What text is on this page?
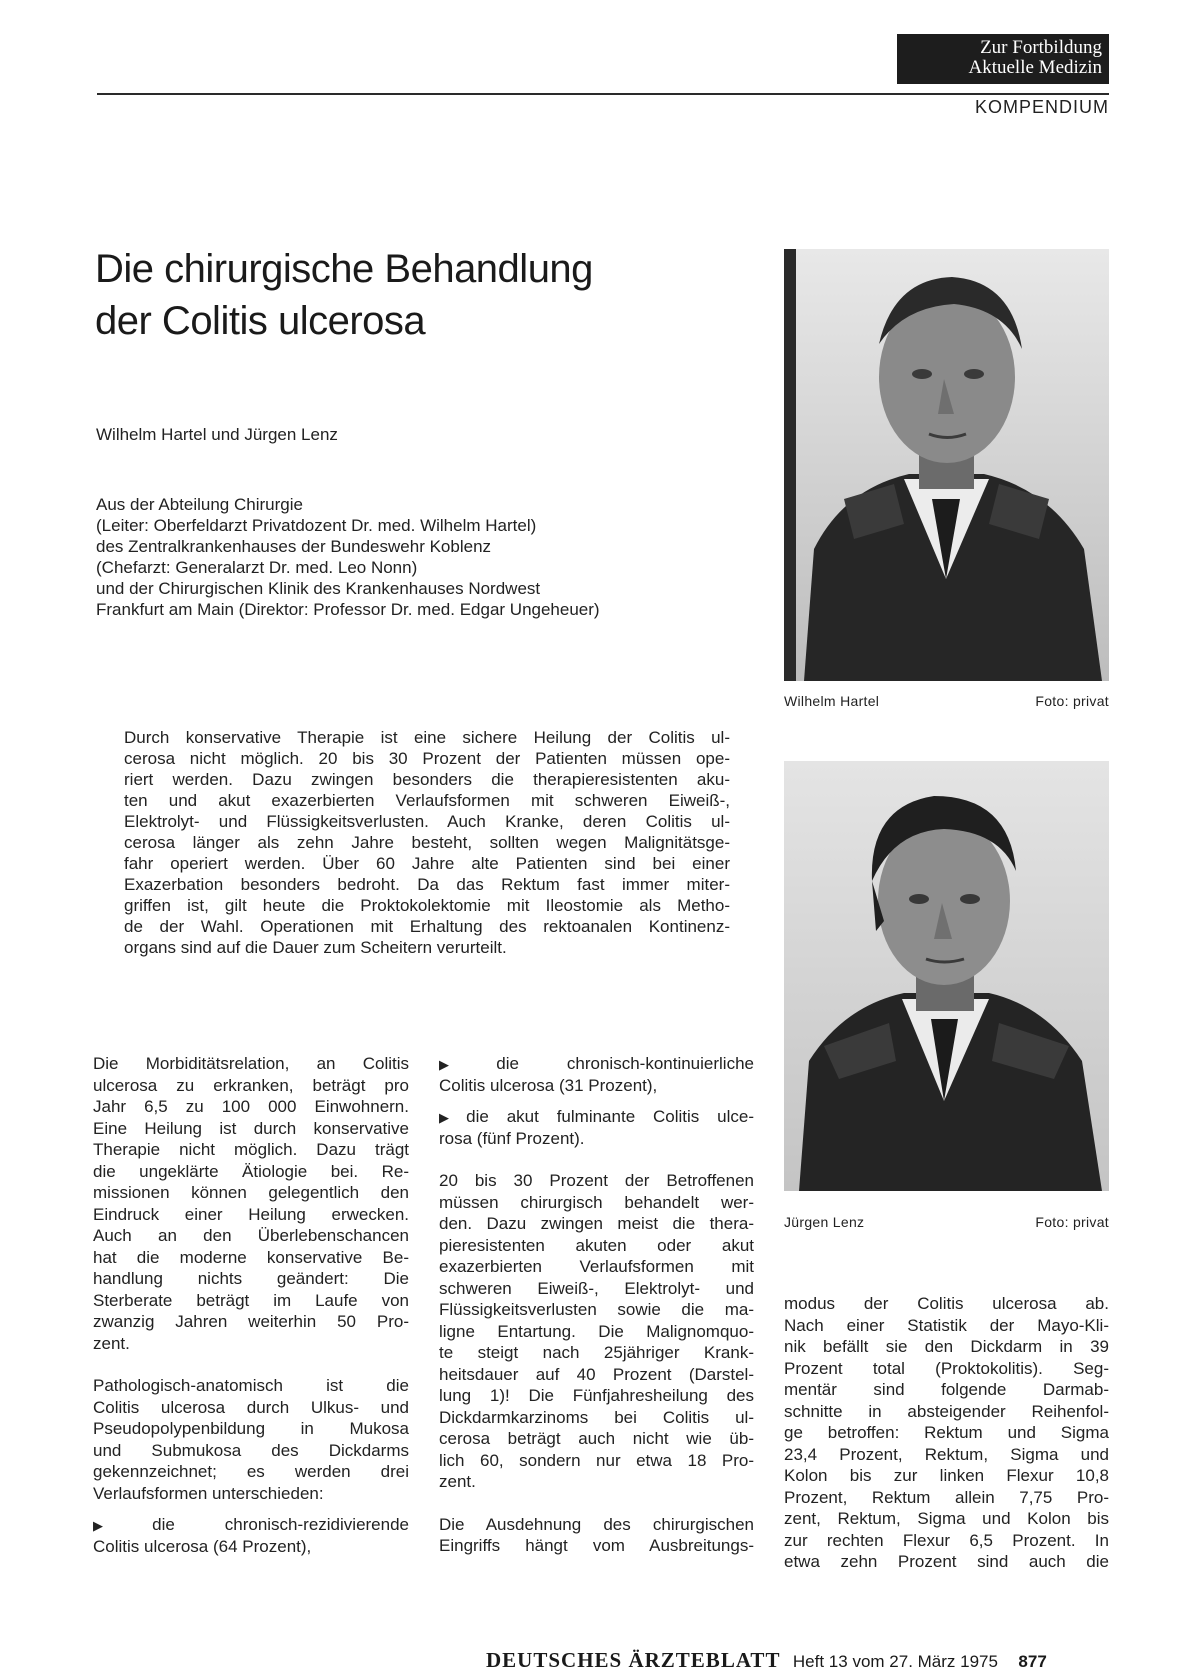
Zur Fortbildung
Aktuelle Medizin
KOMPENDIUM
Die chirurgische Behandlung
der Colitis ulcerosa
Wilhelm Hartel und Jürgen Lenz
Aus der Abteilung Chirurgie
(Leiter: Oberfeldarzt Privatdozent Dr. med. Wilhelm Hartel)
des Zentralkrankenhauses der Bundeswehr Koblenz
(Chefarzt: Generalarzt Dr. med. Leo Nonn)
und der Chirurgischen Klinik des Krankenhauses Nordwest
Frankfurt am Main (Direktor: Professor Dr. med. Edgar Ungeheuer)
Wilhelm Hartel	Foto: privat
Durch konservative Therapie ist eine sichere Heilung der Colitis ul-
cerosa nicht möglich. 20 bis 30 Prozent der Patienten müssen ope-
riert werden. Dazu zwingen besonders die therapieresistenten aku-
ten und akut exazerbierten Verlaufsformen mit schweren Eiweiß-,
Elektrolyt- und Flüssigkeitsverlusten. Auch Kranke, deren Colitis ul-
cerosa länger als zehn Jahre besteht, sollten wegen Malignitätsge-
fahr operiert werden. Über 60 Jahre alte Patienten sind bei einer
Exazerbation besonders bedroht. Da das Rektum fast immer miter-
griffen ist, gilt heute die Proktokolektomie mit Ileostomie als Metho-
de der Wahl. Operationen mit Erhaltung des rektoanalen Kontinenz-
organs sind auf die Dauer zum Scheitern verurteilt.
Jürgen Lenz	Foto: privat
Die Morbiditätsrelation, an Colitis
ulcerosa zu erkranken, beträgt pro
Jahr 6,5 zu 100 000 Einwohnern.
Eine Heilung ist durch konservative
Therapie nicht möglich. Dazu trägt
die ungeklärte Ätiologie bei. Re-
missionen können gelegentlich den
Eindruck einer Heilung erwecken.
Auch an den Überlebenschancen
hat die moderne konservative Be-
handlung nichts geändert: Die
Sterberate beträgt im Laufe von
zwanzig Jahren weiterhin 50 Pro-
zent.
Pathologisch-anatomisch ist die
Colitis ulcerosa durch Ulkus- und
Pseudopolypenbildung in Mukosa
und Submukosa des Dickdarms
gekennzeichnet; es werden drei
Verlaufsformen unterschieden:
▶ die chronisch-rezidivierende
Colitis ulcerosa (64 Prozent),
▶ die chronisch-kontinuierliche
Colitis ulcerosa (31 Prozent),
▶ die akut fulminante Colitis ulce-
rosa (fünf Prozent).
20 bis 30 Prozent der Betroffenen
müssen chirurgisch behandelt wer-
den. Dazu zwingen meist die thera-
pieresistenten akuten oder akut
exazerbierten Verlaufsformen mit
schweren Eiweiß-, Elektrolyt- und
Flüssigkeitsverlusten sowie die ma-
ligne Entartung. Die Malignomquo-
te steigt nach 25jähriger Krank-
heitsdauer auf 40 Prozent (Darstel-
lung 1)! Die Fünfjahresheilung des
Dickdarmkarzinoms bei Colitis ul-
cerosa beträgt auch nicht wie üb-
lich 60, sondern nur etwa 18 Pro-
zent.
Die Ausdehnung des chirurgischen
Eingriffs hängt vom Ausbreitungs-
modus der Colitis ulcerosa ab.
Nach einer Statistik der Mayo-Kli-
nik befällt sie den Dickdarm in 39
Prozent total (Proktokolitis). Seg-
mentär sind folgende Darmab-
schnitte in absteigender Reihenfol-
ge betroffen: Rektum und Sigma
23,4 Prozent, Rektum, Sigma und
Kolon bis zur linken Flexur 10,8
Prozent, Rektum allein 7,75 Pro-
zent, Rektum, Sigma und Kolon bis
zur rechten Flexur 6,5 Prozent. In
etwa zehn Prozent sind auch die
DEUTSCHES ÄRZTEBLATT Heft 13 vom 27. März 1975 877
